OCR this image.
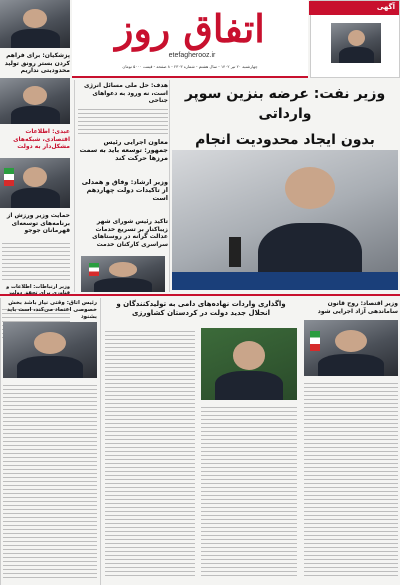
اتفاق روز
etefagherooz.ir
چهارشنبه ۲۰ تیر ۱۴۰۲ - سال هشتم - شماره ۲۳۰۳ - ۸ صفحه - قیمت ۵۰۰۰ تومان
آگهی
پزشکیان: برای فراهم کردن بستر رونق تولید محدودیتی نداریم
عبدی: اطلاعات اقتصادی، شبکه‌های مشکل‌دار به دولت
حمایت وزیر ورزش از برنامه‌های توسعه‌ای قهرمانان جوجو
وزیر ارتباطات: اطلاعات و
هدف: حل ملی مسائل انرژی است، نه ورود به دعواهای جناحی
معاون اجرایی رئیس جمهور: توسعه باید به سمت مرزها حرکت کند
وزیر ارشاد: وفاق و همدلی از تاکیدات دولت چهاردهم است
تاکید رئیس شورای شهر زیباکنار بر تسریع خدمات عدالت گرانه در روستاهای سراسری کارکنان خدمت
وزیر نفت: عرضه بنزین سوپر وارداتی
بدون ایجاد محدودیت انجام
رئیس اتاق: وقتی نیاز باشد بخش خصوصی اعتماد می‌کند، است باید بشنود
واگذاری واردات نهاده‌های دامی به تولیدکنندگان و انحلال جدید دولت در کردستان کشاورزی
وزیر اقتصاد: روح قانون ساماندهی آزاد اجرایی شود
